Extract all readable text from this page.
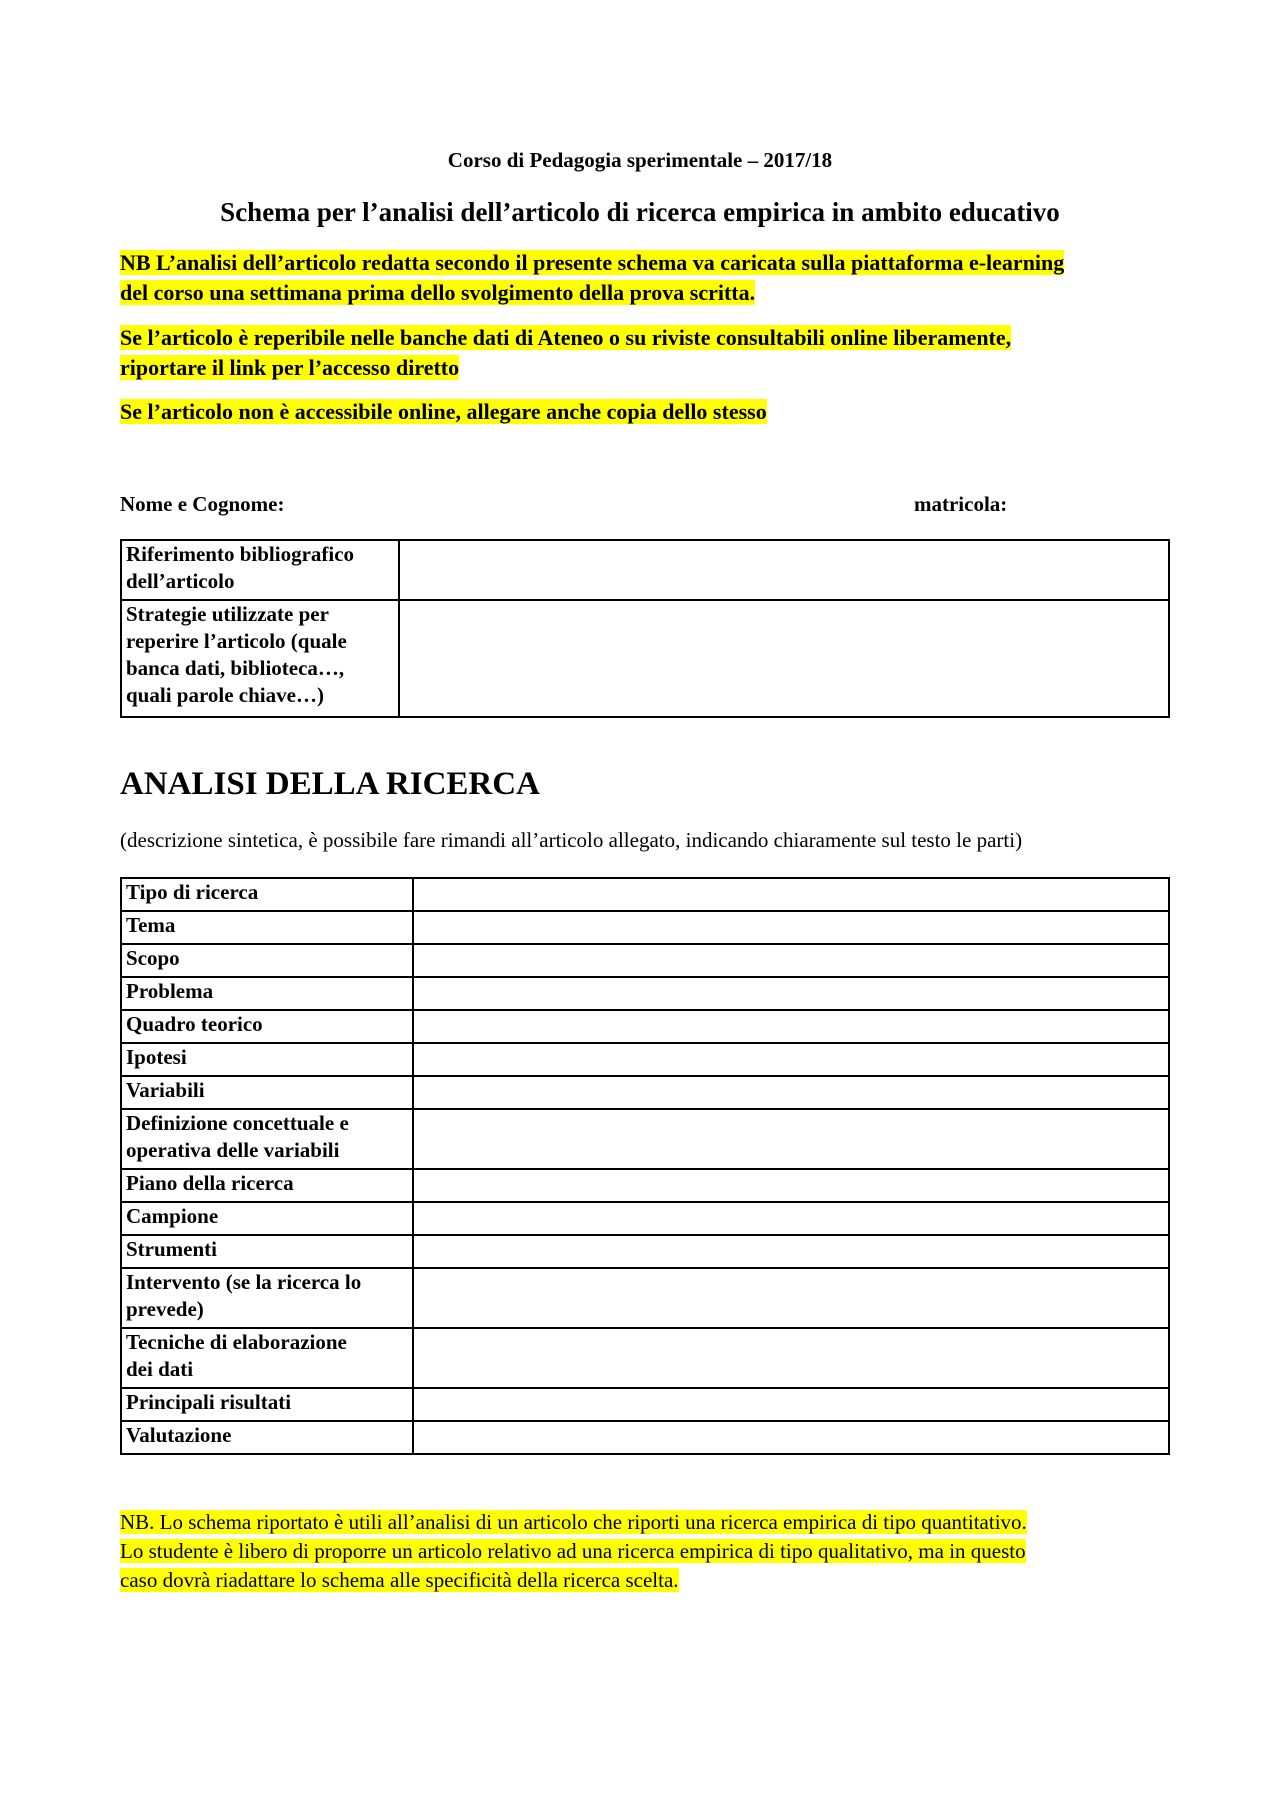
Corso di Pedagogia sperimentale – 2017/18
Schema per l’analisi dell’articolo di ricerca empirica in ambito educativo
NB L’analisi dell’articolo redatta secondo il presente schema va caricata sulla piattaforma e-learning
del corso una settimana prima dello svolgimento della prova scritta.
Se l’articolo è reperibile nelle banche dati di Ateneo o su riviste consultabili online liberamente,
riportare il link per l’accesso diretto
Se l’articolo non è accessibile online, allegare anche copia dello stesso
Nome e Cognome:	matricola:
Riferimento bibliografico
dell’articolo	
Strategie utilizzate per
reperire l’articolo (quale
banca dati, biblioteca…,
quali parole chiave…)	
ANALISI DELLA RICERCA
(descrizione sintetica, è possibile fare rimandi all’articolo allegato, indicando chiaramente sul testo le parti)
Tipo di ricerca	
Tema	
Scopo	
Problema	
Quadro teorico	
Ipotesi	
Variabili	
Definizione concettuale e
operativa delle variabili	
Piano della ricerca	
Campione	
Strumenti	
Intervento (se la ricerca lo
prevede)	
Tecniche di elaborazione
dei dati	
Principali risultati	
Valutazione	
NB. Lo schema riportato è utili all’analisi di un articolo che riporti una ricerca empirica di tipo quantitativo.
Lo studente è libero di proporre un articolo relativo ad una ricerca empirica di tipo qualitativo, ma in questo
caso dovrà riadattare lo schema alle specificità della ricerca scelta.
